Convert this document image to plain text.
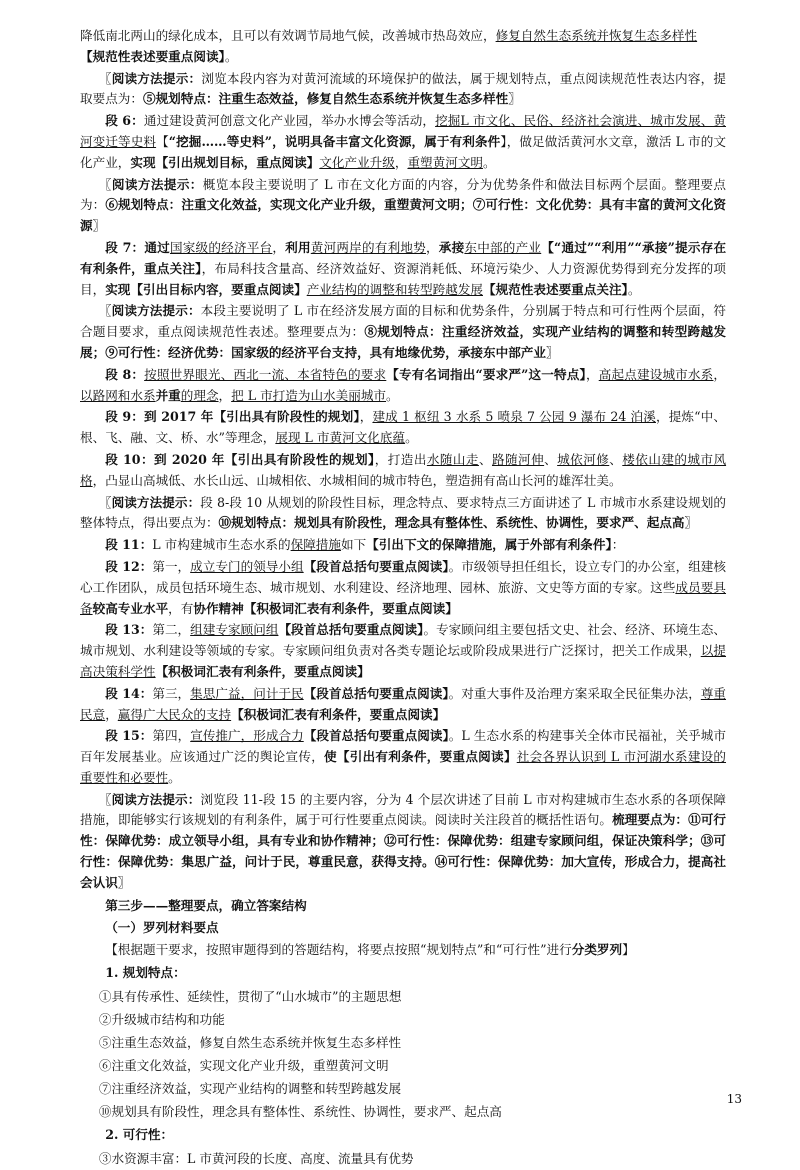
降低南北两山的绿化成本，且可以有效调节局地气候，改善城市热岛效应，修复自然生态系统并恢复生态多样性
【规范性表述要重点阅读】。

〖阅读方法提示：浏览本段内容为对黄河流域的环境保护的做法，属于规划特点，重点阅读规范性表达内容，提取要点为：⑤规划特点：注重生态效益，修复自然生态系统并恢复生态多样性〗

段 6：通过建设黄河创意文化产业园，举办水博会等活动，挖掘L 市文化、民俗、经济社会演进、城市发展、黄河变迁等史料【“挖掘……等史料”，说明具备丰富文化资源，属于有利条件】，做足做活黄河水文章，激活 L 市的文化产业，实现【引出规划目标，重点阅读】文化产业升级，重塑黄河文明。

〖阅读方法提示：概览本段主要说明了 L 市在文化方面的内容，分为优势条件和做法目标两个层面。整理要点为：⑥规划特点：注重文化效益，实现文化产业升级，重塑黄河文明；⑦可行性：文化优势：具有丰富的黄河文化资源〗

段 7：通过国家级的经济平台，利用黄河两岸的有利地势，承接东中部的产业【“通过”“利用”“承接”提示存在有利条件，重点关注】，布局科技含量高、经济效益好、资源消耗低、环境污染少、人力资源优势得到充分发挥的项目，实现【引出目标内容，要重点阅读】产业结构的调整和转型跨越发展【规范性表述要重点关注】。

〖阅读方法提示：本段主要说明了 L 市在经济发展方面的目标和优势条件，分别属于特点和可行性两个层面，符合题目要求，重点阅读规范性表述。整理要点为：⑧规划特点：注重经济效益，实现产业结构的调整和转型跨越发展；⑨可行性：经济优势：国家级的经济平台支持，具有地缘优势，承接东中部产业〗

段 8：按照世界眼光、西北一流、本省特色的要求【专有名词指出“要求严”这一特点】，高起点建设城市水系，以路网和水系并重的理念，把 L 市打造为山水美丽城市。

段 9：到 2017 年【引出具有阶段性的规划】，建成 1 枢纽 3 水系 5 喷泉 7 公园 9 瀑布 24 泊溪，提炼“中、根、飞、融、文、桥、水”等理念，展现 L 市黄河文化底蕴。

段 10：到 2020 年【引出具有阶段性的规划】，打造出水随山走、路随河伸、城依河修、楼依山建的城市风格，凸显山高城低、水长山远、山城相依、水城相间的城市特色，塑造拥有高山长河的雄浑壮美。

〖阅读方法提示：段 8-段 10 从规划的阶段性目标，理念特点、要求特点三方面讲述了 L 市城市水系建设规划的整体特点，得出要点为：⑩规划特点：规划具有阶段性，理念具有整体性、系统性、协调性，要求严、起点高〗

段 11：L 市构建城市生态水系的保障措施如下【引出下文的保障措施，属于外部有利条件】：

段 12：第一，成立专门的领导小组【段首总括句要重点阅读】。市级领导担任组长，设立专门的办公室，组建核心工作团队，成员包括环境生态、城市规划、水利建设、经济地理、园林、旅游、文史等方面的专家。这些成员要具备较高专业水平，有协作精神【积极词汇表有利条件，要重点阅读】

段 13：第二，组建专家顾问组【段首总括句要重点阅读】。专家顾问组主要包括文史、社会、经济、环境生态、城市规划、水利建设等领域的专家。专家顾问组负责对各类专题论坛或阶段成果进行广泛探讨，把关工作成果，以提高决策科学性【积极词汇表有利条件，要重点阅读】

段 14：第三，集思广益，问计于民【段首总括句要重点阅读】。对重大事件及治理方案采取全民征集办法，尊重民意，赢得广大民众的支持【积极词汇表有利条件，要重点阅读】

段 15：第四，宣传推广，形成合力【段首总括句要重点阅读】。L 生态水系的构建事关全体市民福祉，关乎城市百年发展基业。应该通过广泛的舆论宣传，使【引出有利条件，要重点阅读】社会各界认识到 L 市河湖水系建设的重要性和必要性。

〖阅读方法提示：浏览段 11-段 15 的主要内容，分为 4 个层次讲述了目前 L 市对构建城市生态水系的各项保障措施，即能够实行该规划的有利条件，属于可行性要重点阅读。阅读时关注段首的概括性语句。梳理要点为：⑪可行性：保障优势：成立领导小组，具有专业和协作精神；⑫可行性：保障优势：组建专家顾问组，保证决策科学；⑬可行性：保障优势：集思广益，问计于民，尊重民意，获得支持。⑭可行性：保障优势：加大宣传，形成合力，提高社会认识〗

第三步——整理要点，确立答案结构

（一）罗列材料要点

【根据题干要求，按照审题得到的答题结构，将要点按照“规划特点”和“可行性”进行分类罗列】

1. 规划特点：

①具有传承性、延续性，贯彻了“山水城市”的主题思想

②升级城市结构和功能

⑤注重生态效益，修复自然生态系统并恢复生态多样性

⑥注重文化效益，实现文化产业升级，重塑黄河文明

⑦注重经济效益，实现产业结构的调整和转型跨越发展

⑩规划具有阶段性，理念具有整体性、系统性、协调性，要求严、起点高

2. 可行性：

③水资源丰富：L 市黄河段的长度、高度、流量具有优势

13
